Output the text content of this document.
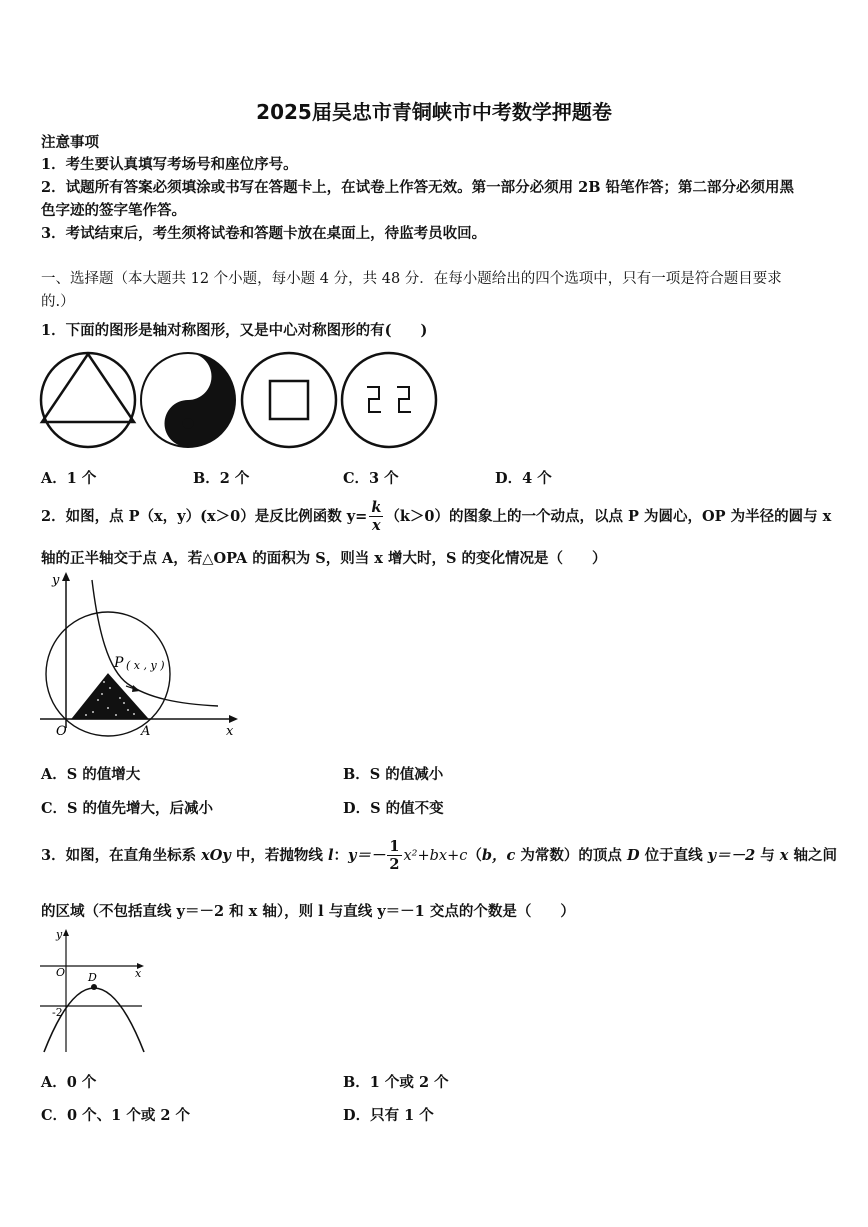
2025届吴忠市青铜峡市中考数学押题卷
注意事项
1．考生要认真填写考场号和座位序号。
2．试题所有答案必须填涂或书写在答题卡上，在试卷上作答无效。第一部分必须用 2B 铅笔作答；第二部分必须用黑
色字迹的签字笔作答。
3．考试结束后，考生须将试卷和答题卡放在桌面上，待监考员收回。
一、选择题（本大题共 12 个小题，每小题 4 分，共 48 分．在每小题给出的四个选项中，只有一项是符合题目要求
的.）
1．下面的图形是轴对称图形，又是中心对称图形的有(　　)
A．1 个	B．2 个	C．3 个	D．4 个
2．如图，点 P（x，y）(x＞0）是反比例函数 $y= \frac{k}{x} (k>0)$的图象上的一个动点，以点 P 为圆心，OP 为半径的圆与 x
轴的正半轴交于点 A，若△OPA 的面积为 S，则当 x 增大时，S 的变化情况是（　　）
y
x
O	A
P ( x , y )
A．S 的值增大	B．S 的值减小
C．S 的值先增大，后减小	D．S 的值不变
3．如图，在直角坐标系 xOy 中，若抛物线 l：$y=- \frac{1}{2} x^2+bx+c(b$，c 为常数）的顶点 D 位于直线 y＝－2 与 x 轴之间
的区域（不包括直线 y＝－2 和 x 轴），则 l 与直线 y＝－1 交点的个数是（　　）
y
x
O D
-2
A．0 个	B．1 个或 2 个
C．0 个、1 个或 2 个	D．只有 1 个
